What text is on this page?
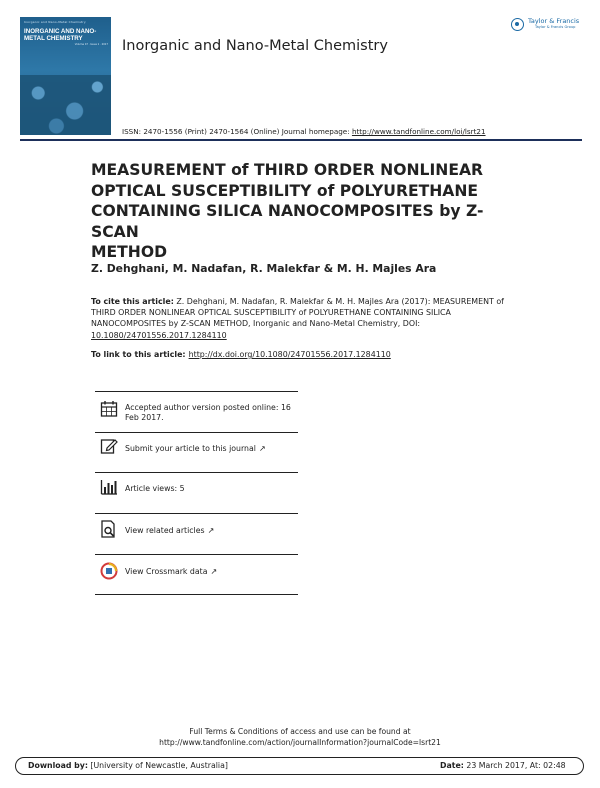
Inorganic and Nano-Metal Chemistry
INORGANIC AND NANO-METAL CHEMISTRY
Volume 47 · Issue 1 · 2017 Inorganic and Nano-Metal Chemistry
Taylor & Francis
Taylor & Francis Group
ISSN: 2470-1556 (Print) 2470-1564 (Online) Journal homepage: http://www.tandfonline.com/loi/lsrt21
MEASUREMENT of THIRD ORDER NONLINEAR
OPTICAL SUSCEPTIBILITY of POLYURETHANE
CONTAINING SILICA NANOCOMPOSITES by Z-SCAN
METHOD
Z. Dehghani, M. Nadafan, R. Malekfar & M. H. Majles Ara
To cite this article: Z. Dehghani, M. Nadafan, R. Malekfar & M. H. Majles Ara (2017): MEASUREMENT of THIRD ORDER NONLINEAR OPTICAL SUSCEPTIBILITY of POLYURETHANE CONTAINING SILICA NANOCOMPOSITES by Z-SCAN METHOD, Inorganic and Nano-Metal Chemistry, DOI: 10.1080/24701556.2017.1284110
To link to this article: http://dx.doi.org/10.1080/24701556.2017.1284110
Accepted author version posted online: 16 Feb 2017.
Submit your article to this journal ↗
Article views: 5
View related articles ↗
View Crossmark data ↗
Full Terms & Conditions of access and use can be found at
http://www.tandfonline.com/action/journalInformation?journalCode=lsrt21
Download by: [University of Newcastle, Australia]	Date: 23 March 2017, At: 02:48
